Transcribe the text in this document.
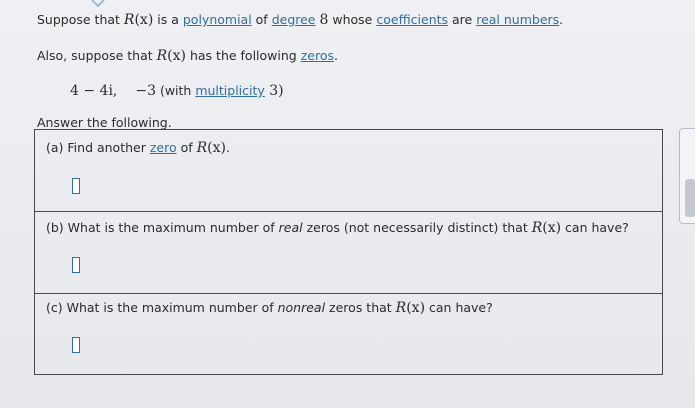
Suppose that R(x) is a polynomial of degree 8 whose coefficients are real numbers.
Also, suppose that R(x) has the following zeros.
4 − 4i, −3 (with multiplicity 3)
Answer the following.
(a) Find another zero of R(x).
(b) What is the maximum number of real zeros (not necessarily distinct) that R(x) can have?
(c) What is the maximum number of nonreal zeros that R(x) can have?
